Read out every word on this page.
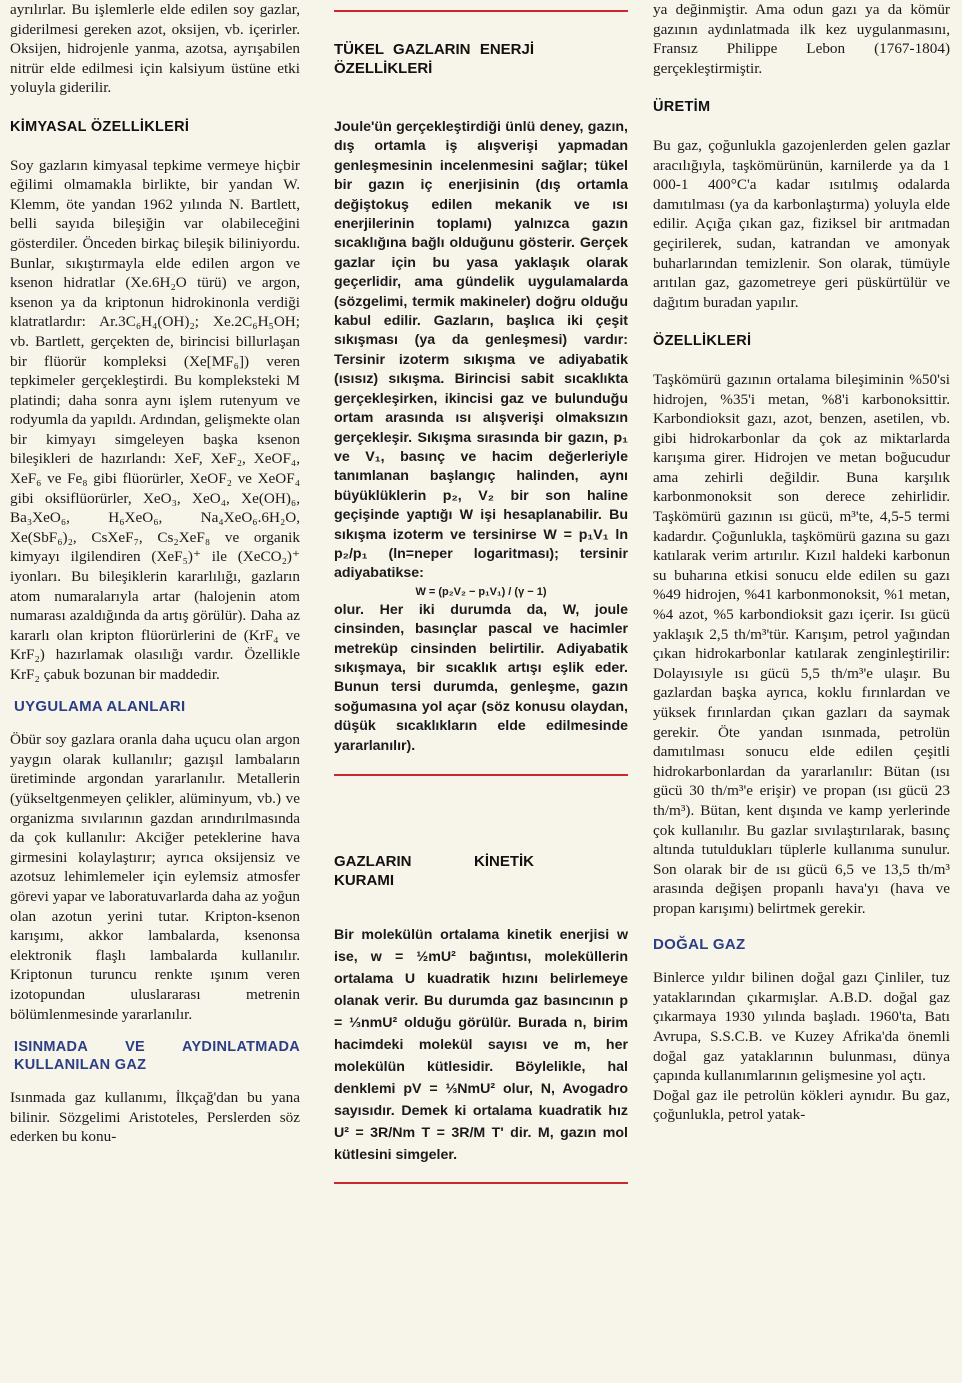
ayrılırlar. Bu işlemlerle elde edilen soy gazlar, giderilmesi gereken azot, oksijen, vb. içerirler. Oksijen, hidrojenle yanma, azotsa, ayrışabilen nitrür elde edilmesi için kalsiyum üstüne etki yoluyla giderilir.

KİMYASAL ÖZELLİKLERİ

Soy gazların kimyasal tepkime vermeye hiçbir eğilimi olmamakla birlikte, bir yandan W. Klemm, öte yandan 1962 yılında N. Bartlett, belli sayıda bileşiğin var olabileceğini gösterdiler. Önceden birkaç bileşik biliniyordu. Bunlar, sıkıştırmayla elde edilen argon ve ksenon hidratlar (Xe.6H₂O türü) ve argon, ksenon ya da kriptonun hidrokinonla verdiği klatratlardır: Ar.3C₆H₄(OH)₂; Xe.2C₆H₅OH; vb. Bartlett, gerçekten de, birincisi billurlaşan bir flüorür kompleksi (Xe[MF₆]) veren tepkimeler gerçekleştirdi. Bu kompleksteki M platindi; daha sonra aynı işlem rutenyum ve rodyumla da yapıldı. Ardından, gelişmekte olan bir kimyayı simgeleyen başka ksenon bileşikleri de hazırlandı: XeF, XeF₂, XeOF₄, XeF₆ ve Fe₈ gibi flüorürler, XeOF₂ ve XeOF₄ gibi oksiflüorürler, XeO₃, XeO₄, Xe(OH)₆, Ba₃XeO₆, H₆XeO₆, Na₄XeO₆.6H₂O, Xe(SbF₆)₂, CsXeF₇, Cs₂XeF₈ ve organik kimyayı ilgilendiren (XeF₅)⁺ ile (XeCO₂)⁺ iyonları. Bu bileşiklerin kararlılığı, gazların atom numaralarıyla artar (halojenin atom numarası azaldığında da artış görülür). Daha az kararlı olan kripton flüorürlerini de (KrF₄ ve KrF₂) hazırlamak olasılığı vardır. Özellikle KrF₂ çabuk bozunan bir maddedir.

UYGULAMA ALANLARI

Öbür soy gazlara oranla daha uçucu olan argon yaygın olarak kullanılır; gazışıl lambaların üretiminde argondan yararlanılır. Metallerin (yükseltgenmeyen çelikler, alüminyum, vb.) ve organizma sıvılarının gazdan arındırılmasında da çok kullanılır: Akciğer peteklerine hava girmesini kolaylaştırır; ayrıca oksijensiz ve azotsuz lehimlemeler için eylemsiz atmosfer görevi yapar ve laboratuvarlarda daha az yoğun olan azotun yerini tutar. Kripton-ksenon karışımı, akkor lambalarda, ksenonsa elektronik flaşlı lambalarda kullanılır. Kriptonun turuncu renkte ışınım veren izotopundan uluslararası metrenin bölümlenmesinde yararlanılır.

ISINMADA VE AYDINLATMADA KULLANILAN GAZ

Isınmada gaz kullanımı, İlkçağ'dan bu yana bilinir. Sözgelimi Aristoteles, Perslerden söz ederken bu konu-

TÜKEL GAZLARIN ENERJİ ÖZELLİKLERİ

Joule'ün gerçekleştirdiği ünlü deney, gazın, dış ortamla iş alışverişi yapmadan genleşmesinin incelenmesini sağlar; tükel bir gazın iç enerjisinin (dış ortamla değiştokuş edilen mekanik ve ısı enerjilerinin toplamı) yalnızca gazın sıcaklığına bağlı olduğunu gösterir. Gerçek gazlar için bu yasa yaklaşık olarak geçerlidir, ama gündelik uygulamalarda (sözgelimi, termik makineler) doğru olduğu kabul edilir. Gazların, başlıca iki çeşit sıkışması (ya da genleşmesi) vardır: Tersinir izoterm sıkışma ve adiyabatik (ısısız) sıkışma. Birincisi sabit sıcaklıkta gerçekleşirken, ikincisi gaz ve bulunduğu ortam arasında ısı alışverişi olmaksızın gerçekleşir. Sıkışma sırasında bir gazın, p₁ ve V₁, basınç ve hacim değerleriyle tanımlanan başlangıç halinden, aynı büyüklüklerin p₂, V₂ bir son haline geçişinde yaptığı W işi hesaplanabilir. Bu sıkışma izoterm ve tersinirse W = p₁V₁ ln p₂/p₁ (ln=neper logaritması); tersinir adiyabatikse:

W = (p₂V₂ − p₁V₁) / (γ − 1)

olur. Her iki durumda da, W, joule cinsinden, basınçlar pascal ve hacimler metreküp cinsinden belirtilir. Adiyabatik sıkışmaya, bir sıcaklık artışı eşlik eder. Bunun tersi durumda, genleşme, gazın soğumasına yol açar (söz konusu olaydan, düşük sıcaklıkların elde edilmesinde yararlanılır).

GAZLARIN KİNETİK KURAMI

Bir molekülün ortalama kinetik enerjisi w ise, w = ½mU² bağıntısı, moleküllerin ortalama U kuadratik hızını belirlemeye olanak verir. Bu durumda gaz basıncının p = ⅓nmU² olduğu görülür. Burada n, birim hacimdeki molekül sayısı ve m, her molekülün kütlesidir. Böylelikle, hal denklemi pV = ⅓NmU² olur, N, Avogadro sayısıdır. Demek ki ortalama kuadratik hız U² = 3R/Nm T = 3R/M T' dir. M, gazın mol kütlesini simgeler.

ya değinmiştir. Ama odun gazı ya da kömür gazının aydınlatmada ilk kez uygulanmasını, Fransız Philippe Lebon (1767-1804) gerçekleştirmiştir.

ÜRETİM

Bu gaz, çoğunlukla gazojenlerden gelen gazlar aracılığıyla, taşkömürünün, karnilerde ya da 1 000-1 400°C'a kadar ısıtılmış odalarda damıtılması (ya da karbonlaştırma) yoluyla elde edilir. Açığa çıkan gaz, fiziksel bir arıtmadan geçirilerek, sudan, katrandan ve amonyak buharlarından temizlenir. Son olarak, tümüyle arıtılan gaz, gazometreye geri püskürtülür ve dağıtım buradan yapılır.

ÖZELLİKLERİ

Taşkömürü gazının ortalama bileşiminin %50'si hidrojen, %35'i metan, %8'i karbonoksittir. Karbondioksit gazı, azot, benzen, asetilen, vb. gibi hidrokarbonlar da çok az miktarlarda karışıma girer. Hidrojen ve metan boğucudur ama zehirli değildir. Buna karşılık karbonmonoksit son derece zehirlidir. Taşkömürü gazının ısı gücü, m³'te, 4,5-5 termi kadardır. Çoğunlukla, taşkömürü gazına su gazı katılarak verim artırılır. Kızıl haldeki karbonun su buharına etkisi sonucu elde edilen su gazı %49 hidrojen, %41 karbonmonoksit, %1 metan, %4 azot, %5 karbondioksit gazı içerir. Isı gücü yaklaşık 2,5 th/m³'tür. Karışım, petrol yağından çıkan hidrokarbonlar katılarak zenginleştirilir: Dolayısıyle ısı gücü 5,5 th/m³'e ulaşır. Bu gazlardan başka ayrıca, koklu fırınlardan ve yüksek fırınlardan çıkan gazları da saymak gerekir. Öte yandan ısınmada, petrolün damıtılması sonucu elde edilen çeşitli hidrokarbonlardan da yararlanılır: Bütan (ısı gücü 30 th/m³'e erişir) ve propan (ısı gücü 23 th/m³). Bütan, kent dışında ve kamp yerlerinde çok kullanılır. Bu gazlar sıvılaştırılarak, basınç altında tutuldukları tüplerle kullanıma sunulur. Son olarak bir de ısı gücü 6,5 ve 13,5 th/m³ arasında değişen propanlı hava'yı (hava ve propan karışımı) belirtmek gerekir.

DOĞAL GAZ

Binlerce yıldır bilinen doğal gazı Çinliler, tuz yataklarından çıkarmışlar. A.B.D. doğal gaz çıkarmaya 1930 yılında başladı. 1960'ta, Batı Avrupa, S.S.C.B. ve Kuzey Afrika'da önemli doğal gaz yataklarının bulunması, dünya çapında kullanımlarının gelişmesine yol açtı.

Doğal gaz ile petrolün kökleri aynıdır. Bu gaz, çoğunlukla, petrol yatak-
